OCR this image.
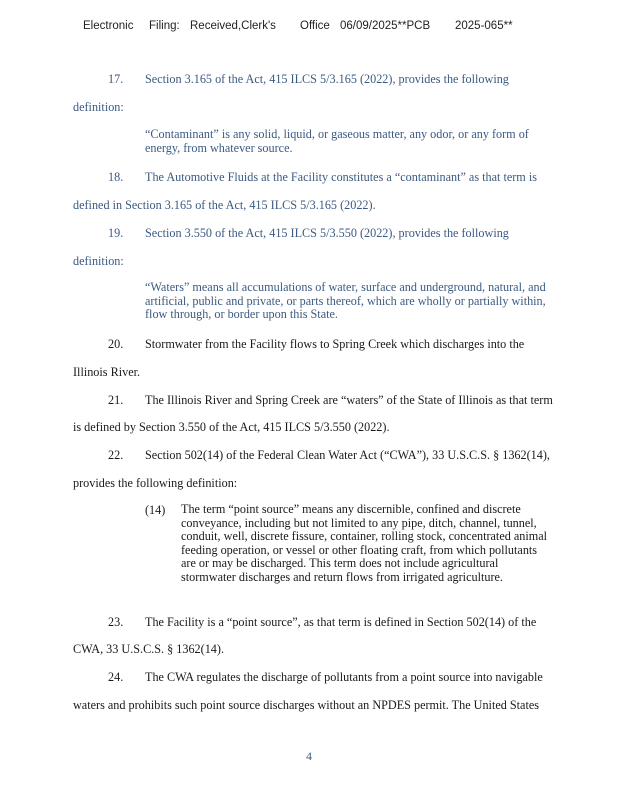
Electronic Filing: Received,Clerk's Office 06/09/2025**PCB 2025-065**
17. Section 3.165 of the Act, 415 ILCS 5/3.165 (2022), provides the following
definition:
“Contaminant” is any solid, liquid, or gaseous matter, any odor, or any form of energy, from whatever source.
18. The Automotive Fluids at the Facility constitutes a “contaminant” as that term is
defined in Section 3.165 of the Act, 415 ILCS 5/3.165 (2022).
19. Section 3.550 of the Act, 415 ILCS 5/3.550 (2022), provides the following
definition:
“Waters” means all accumulations of water, surface and underground, natural, and artificial, public and private, or parts thereof, which are wholly or partially within, flow through, or border upon this State.
20. Stormwater from the Facility flows to Spring Creek which discharges into the
Illinois River.
21. The Illinois River and Spring Creek are “waters” of the State of Illinois as that term
is defined by Section 3.550 of the Act, 415 ILCS 5/3.550 (2022).
22. Section 502(14) of the Federal Clean Water Act (“CWA”), 33 U.S.C.S. § 1362(14),
provides the following definition:
(14) The term “point source” means any discernible, confined and discrete conveyance, including but not limited to any pipe, ditch, channel, tunnel, conduit, well, discrete fissure, container, rolling stock, concentrated animal feeding operation, or vessel or other floating craft, from which pollutants are or may be discharged. This term does not include agricultural stormwater discharges and return flows from irrigated agriculture.
23. The Facility is a “point source”, as that term is defined in Section 502(14) of the
CWA, 33 U.S.C.S. § 1362(14).
24. The CWA regulates the discharge of pollutants from a point source into navigable
waters and prohibits such point source discharges without an NPDES permit. The United States
4
